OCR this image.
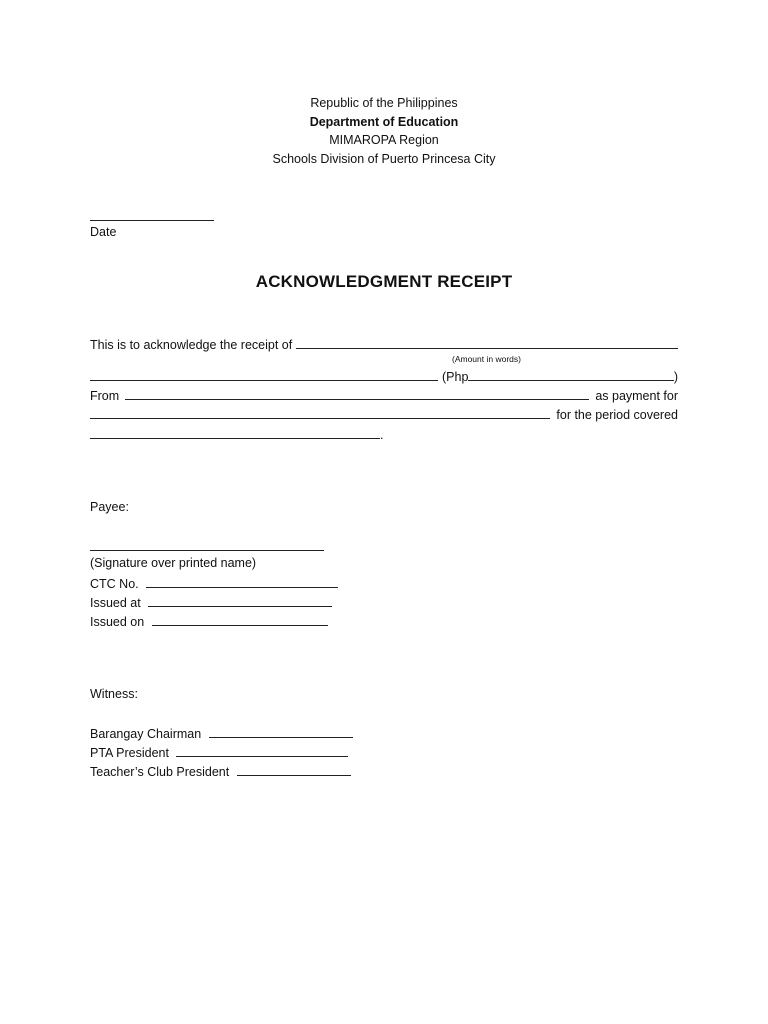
Republic of the Philippines
Department of Education
MIMAROPA Region
Schools Division of Puerto Princesa City
Date
ACKNOWLEDGMENT RECEIPT
This is to acknowledge the receipt of
(Amount in words)
(Php	)
From	as payment for
for the period covered
.
Payee:
(Signature over printed name)
CTC No.
Issued at
Issued on
Witness:
Barangay Chairman
PTA President
Teacher’s Club President
